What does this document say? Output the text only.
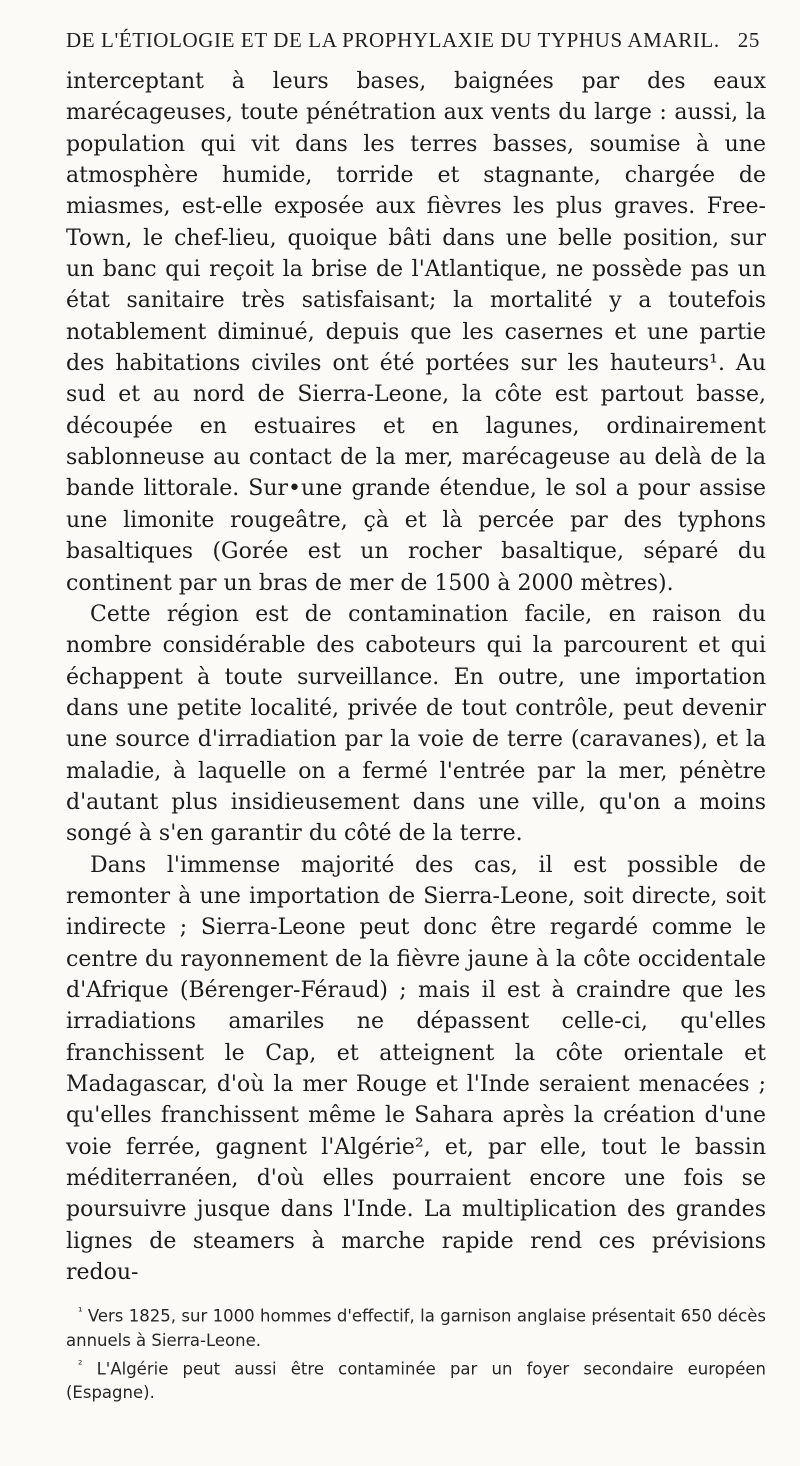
DE L'ÉTIOLOGIE ET DE LA PROPHYLAXIE DU TYPHUS AMARIL. 25

interceptant à leurs bases, baignées par des eaux marécageuses, toute pénétration aux vents du large : aussi, la population qui vit dans les terres basses, soumise à une atmosphère humide, torride et stagnante, chargée de miasmes, est-elle exposée aux fièvres les plus graves. Free-Town, le chef-lieu, quoique bâti dans une belle position, sur un banc qui reçoit la brise de l'Atlantique, ne possède pas un état sanitaire très satisfaisant; la mortalité y a toutefois notablement diminué, depuis que les casernes et une partie des habitations civiles ont été portées sur les hauteurs¹. Au sud et au nord de Sierra-Leone, la côte est partout basse, découpée en estuaires et en lagunes, ordinairement sablonneuse au contact de la mer, marécageuse au delà de la bande littorale. Sur•une grande étendue, le sol a pour assise une limonite rougeâtre, çà et là percée par des typhons basaltiques (Gorée est un rocher basaltique, séparé du continent par un bras de mer de 1500 à 2000 mètres).

Cette région est de contamination facile, en raison du nombre considérable des caboteurs qui la parcourent et qui échappent à toute surveillance. En outre, une importation dans une petite localité, privée de tout contrôle, peut devenir une source d'irradiation par la voie de terre (caravanes), et la maladie, à laquelle on a fermé l'entrée par la mer, pénètre d'autant plus insidieusement dans une ville, qu'on a moins songé à s'en garantir du côté de la terre.

Dans l'immense majorité des cas, il est possible de remonter à une importation de Sierra-Leone, soit directe, soit indirecte ; Sierra-Leone peut donc être regardé comme le centre du rayonnement de la fièvre jaune à la côte occidentale d'Afrique (Bérenger-Féraud) ; mais il est à craindre que les irradiations amariles ne dépassent celle-ci, qu'elles franchissent le Cap, et atteignent la côte orientale et Madagascar, d'où la mer Rouge et l'Inde seraient menacées ; qu'elles franchissent même le Sahara après la création d'une voie ferrée, gagnent l'Algérie², et, par elle, tout le bassin méditerranéen, d'où elles pourraient encore une fois se poursuivre jusque dans l'Inde. La multiplication des grandes lignes de steamers à marche rapide rend ces prévisions redou-

$^{^1}$ Vers 1825, sur 1000 hommes d'effectif, la garnison anglaise présentait 650 décès annuels à Sierra-Leone.

$^{^2}$ L'Algérie peut aussi être contaminée par un foyer secondaire européen (Espagne).
